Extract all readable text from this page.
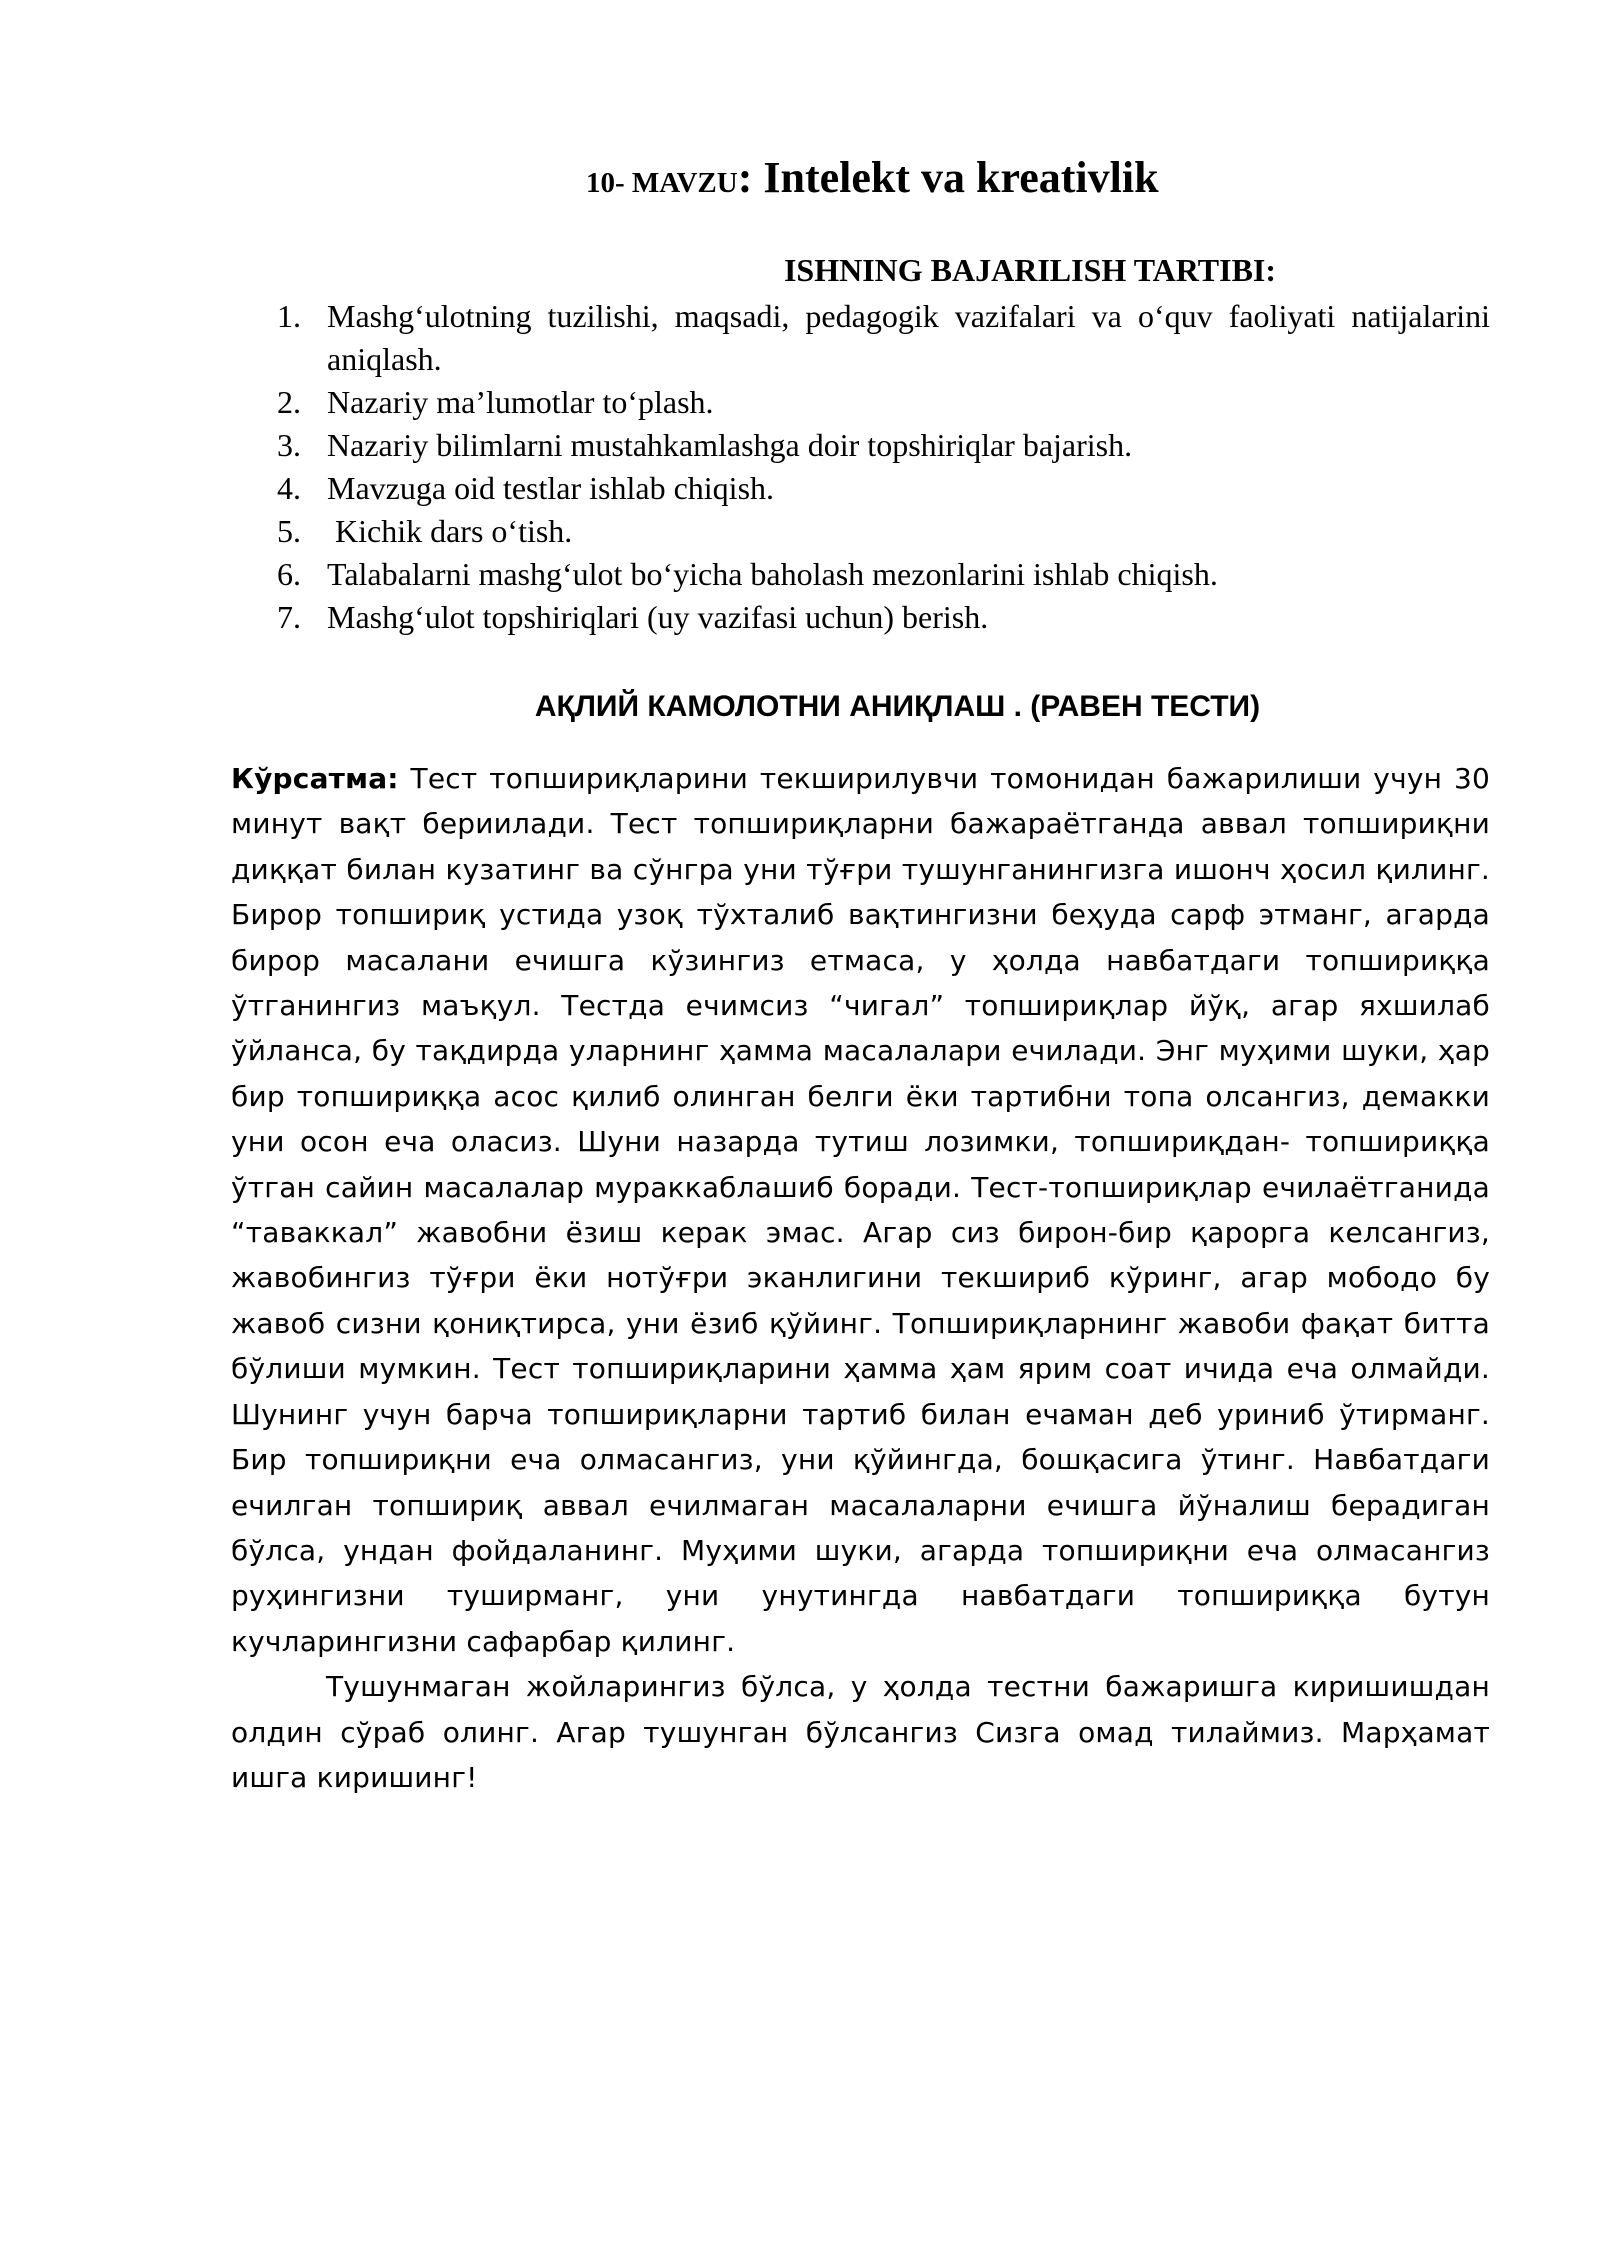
10- MAVZU: Intelekt va kreativlik
ISHNING BAJARILISH TARTIBI:
1. Mashg‘ulotning tuzilishi, maqsadi, pedagogik vazifalari va o‘quv faoliyati natijalarini aniqlash.
2. Nazariy ma’lumotlar to‘plash.
3. Nazariy bilimlarni mustahkamlashga doir topshiriqlar bajarish.
4. Mavzuga oid testlar ishlab chiqish.
5. Kichik dars o‘tish.
6. Talabalarni mashg‘ulot bo‘yicha baholash mezonlarini ishlab chiqish.
7. Mashg‘ulot topshiriqlari (uy vazifasi uchun) berish.
АҚЛИЙ КАМОЛОТНИ АНИҚЛАШ . (РАВЕН ТЕСТИ)

Кўрсатма: Тест топшириқларини текширилувчи томонидан бажарилиши учун 30 минут вақт бериилади. Тест топшириқларни бажараётганда аввал топшириқни диққат билан кузатинг ва сўнгра уни тўғри тушунганингизга ишонч ҳосил қилинг. Бирор топшириқ устида узоқ тўхталиб вақтингизни беҳуда сарф этманг, агарда бирор масалани ечишга кўзингиз етмаса, у ҳолда навбатдаги топшириққа ўтганингиз маъқул. Тестда ечимсиз “чигал” топшириқлар йўқ, агар яхшилаб ўйланса, бу тақдирда уларнинг ҳамма масалалари ечилади. Энг муҳими шуки, ҳар бир топшириққа асос қилиб олинган белги ёки тартибни топа олсангиз, демакки уни осон еча оласиз. Шуни назарда тутиш лозимки, топшириқдан- топшириққа ўтган сайин масалалар мураккаблашиб боради. Тест-топшириқлар ечилаётганида “таваккал” жавобни ёзиш керак эмас. Агар сиз бирон-бир қарорга келсангиз, жавобингиз тўғри ёки нотўғри эканлигини текшириб кўринг, агар мободо бу жавоб сизни қониқтирса, уни ёзиб қўйинг. Топшириқларнинг жавоби фақат битта бўлиши мумкин. Тест топшириқларини ҳамма ҳам ярим соат ичида еча олмайди. Шунинг учун барча топшириқларни тартиб билан ечаман деб уриниб ўтирманг. Бир топшириқни еча олмасангиз, уни қўйингда, бошқасига ўтинг. Навбатдаги ечилган топшириқ аввал ечилмаган масалаларни ечишга йўналиш берадиган бўлса, ундан фойдаланинг. Муҳими шуки, агарда топшириқни еча олмасангиз руҳингизни туширманг, уни унутингда навбатдаги топшириққа бутун кучларингизни сафарбар қилинг.

Тушунмаган жойларингиз бўлса, у ҳолда тестни бажаришга киришишдан олдин сўраб олинг. Агар тушунган бўлсангиз Сизга омад тилаймиз. Марҳамат ишга киришинг!
